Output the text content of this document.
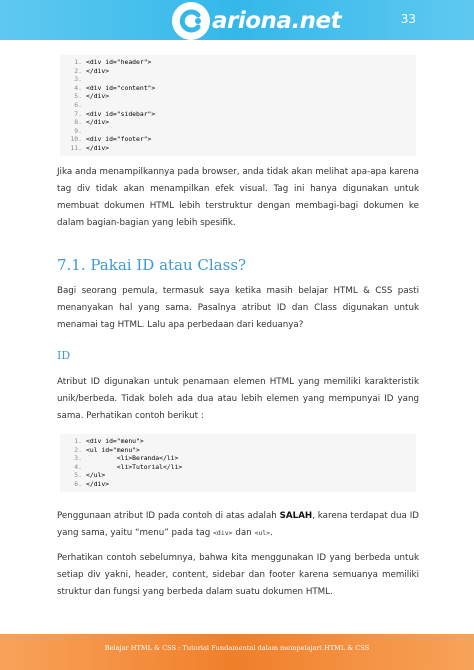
ariona.net	33
1. <div id="header">
2. </div>
3.
4. <div id="content">
5. </div>
6.
7. <div id="sidebar">
8. </div>
9.
10. <div id="footer">
11. </div>
Jika anda menampilkannya pada browser, anda tidak akan melihat apa-apa karena tag div tidak akan menampilkan efek visual. Tag ini hanya digunakan untuk membuat dokumen HTML lebih terstruktur dengan membagi-bagi dokumen ke dalam bagian-bagian yang lebih spesifik.
7.1. Pakai ID atau Class?
Bagi seorang pemula, termasuk saya ketika masih belajar HTML & CSS pasti menanyakan hal yang sama. Pasalnya atribut ID dan Class digunakan untuk menamai tag HTML. Lalu apa perbedaan dari keduanya?
ID
Atribut ID digunakan untuk penamaan elemen HTML yang memiliki karakteristik unik/berbeda. Tidak boleh ada dua atau lebih elemen yang mempunyai ID yang sama. Perhatikan contoh berikut :
1. <div id="menu">
2. <ul id="menu">
3.        <li>Beranda</li>
4.        <li>Tutorial</li>
5. </ul>
6. </div>
Penggunaan atribut ID pada contoh di atas adalah SALAH, karena terdapat dua ID yang sama, yaitu “menu” pada tag <div> dan <ul>.
Perhatikan contoh sebelumnya, bahwa kita menggunakan ID yang berbeda untuk setiap div yakni, header, content, sidebar dan footer karena semuanya memiliki struktur dan fungsi yang berbeda dalam suatu dokumen HTML.
Belajar HTML & CSS : Tutorial Fundamental dalam mempelajari HTML & CSS
